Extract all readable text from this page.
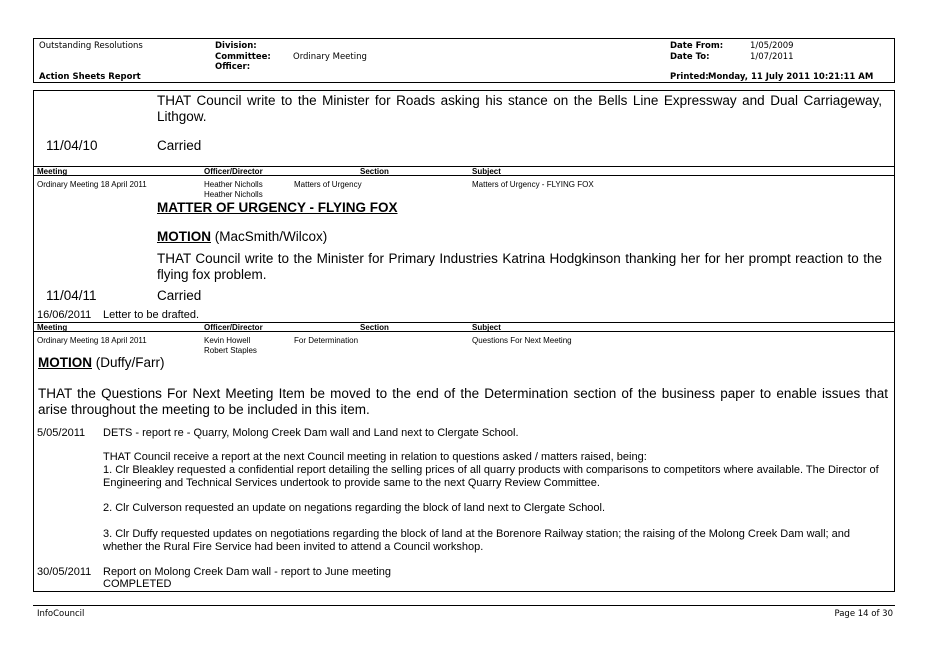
Outstanding Resolutions	Division:
Committee:	Ordinary Meeting
Officer:
Date From:	1/05/2009
Date To:	1/07/2011
Action Sheets Report	Printed: Monday, 11 July 2011 10:21:11 AM
THAT Council write to the Minister for Roads asking his stance on the Bells Line Expressway and Dual Carriageway, Lithgow.
11/04/10	Carried
Meeting	Officer/Director	Section	Subject
Ordinary Meeting 18 April 2011	Heather Nicholls
Heather Nicholls
Matters of Urgency	Matters of Urgency - FLYING FOX
MATTER OF URGENCY - FLYING FOX
MOTION (MacSmith/Wilcox)
THAT Council write to the Minister for Primary Industries Katrina Hodgkinson thanking her for her prompt reaction to the flying fox problem.
11/04/11	Carried
16/06/2011 Letter to be drafted.
Meeting	Officer/Director	Section	Subject
Ordinary Meeting 18 April 2011	Kevin Howell
Robert Staples
For Determination	Questions For Next Meeting
MOTION (Duffy/Farr)
THAT the Questions For Next Meeting Item be moved to the end of the Determination section of the business paper to enable issues that arise throughout the meeting to be included in this item.
5/05/2011 DETS - report re - Quarry, Molong Creek Dam wall and Land next to Clergate School.
THAT Council receive a report at the next Council meeting in relation to questions asked / matters raised, being:
1. Clr Bleakley requested a confidential report detailing the selling prices of all quarry products with comparisons to competitors where available. The Director of Engineering and Technical Services undertook to provide same to the next Quarry Review Committee.
2. Clr Culverson requested an update on negations regarding the block of land next to Clergate School.
3. Clr Duffy requested updates on negotiations regarding the block of land at the Borenore Railway station; the raising of the Molong Creek Dam wall; and whether the Rural Fire Service had been invited to attend a Council workshop.
30/05/2011 Report on Molong Creek Dam wall - report to June meeting
COMPLETED
InfoCouncil	Page 14 of 30
